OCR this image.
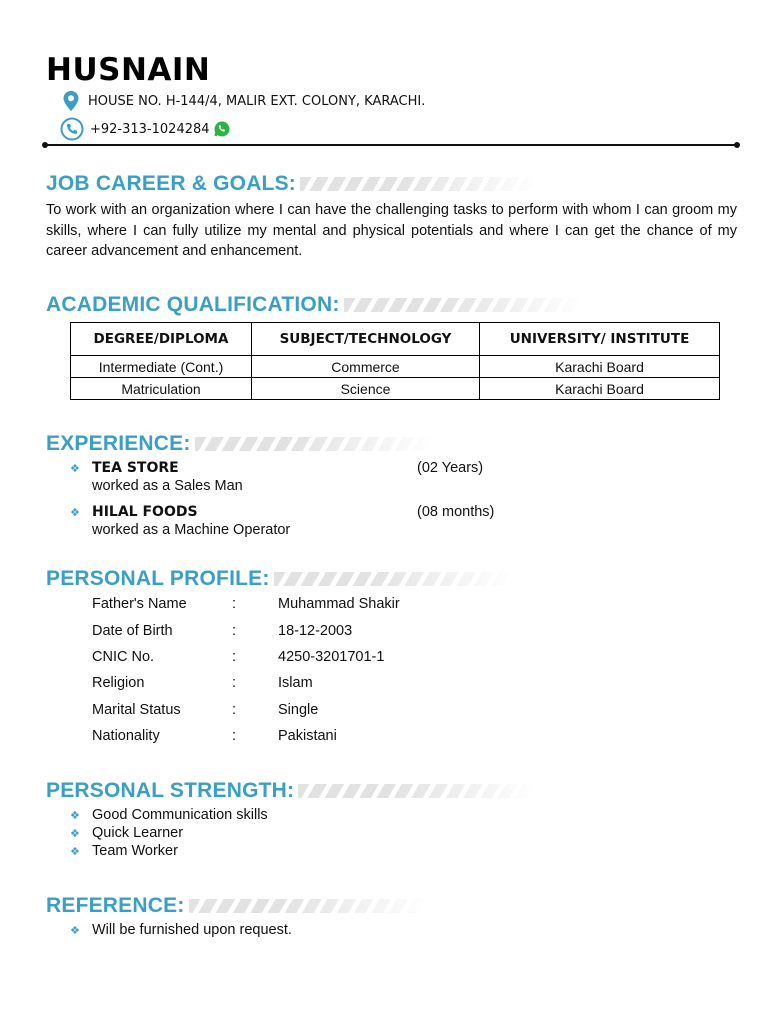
HUSNAIN
HOUSE NO. H-144/4, MALIR EXT. COLONY, KARACHI.
+92-313-1024284
JOB CAREER & GOALS:
To work with an organization where I can have the challenging tasks to perform with whom I can groom my skills, where I can fully utilize my mental and physical potentials and where I can get the chance of my career advancement and enhancement.
ACADEMIC QUALIFICATION:
DEGREE/DIPLOMA	SUBJECT/TECHNOLOGY	UNIVERSITY/ INSTITUTE
Intermediate (Cont.)	Commerce	Karachi Board
Matriculation	Science	Karachi Board
EXPERIENCE:
❖ TEA STORE	(02 Years)
worked as a Sales Man
❖ HILAL FOODS	(08 months)
worked as a Machine Operator
PERSONAL PROFILE:
Father's Name	:	Muhammad Shakir
Date of Birth	:	18-12-2003
CNIC No.	:	4250-3201701-1
Religion	:	Islam
Marital Status	:	Single
Nationality	:	Pakistani
PERSONAL STRENGTH:
❖ Good Communication skills
❖ Quick Learner
❖ Team Worker
REFERENCE:
❖ Will be furnished upon request.
